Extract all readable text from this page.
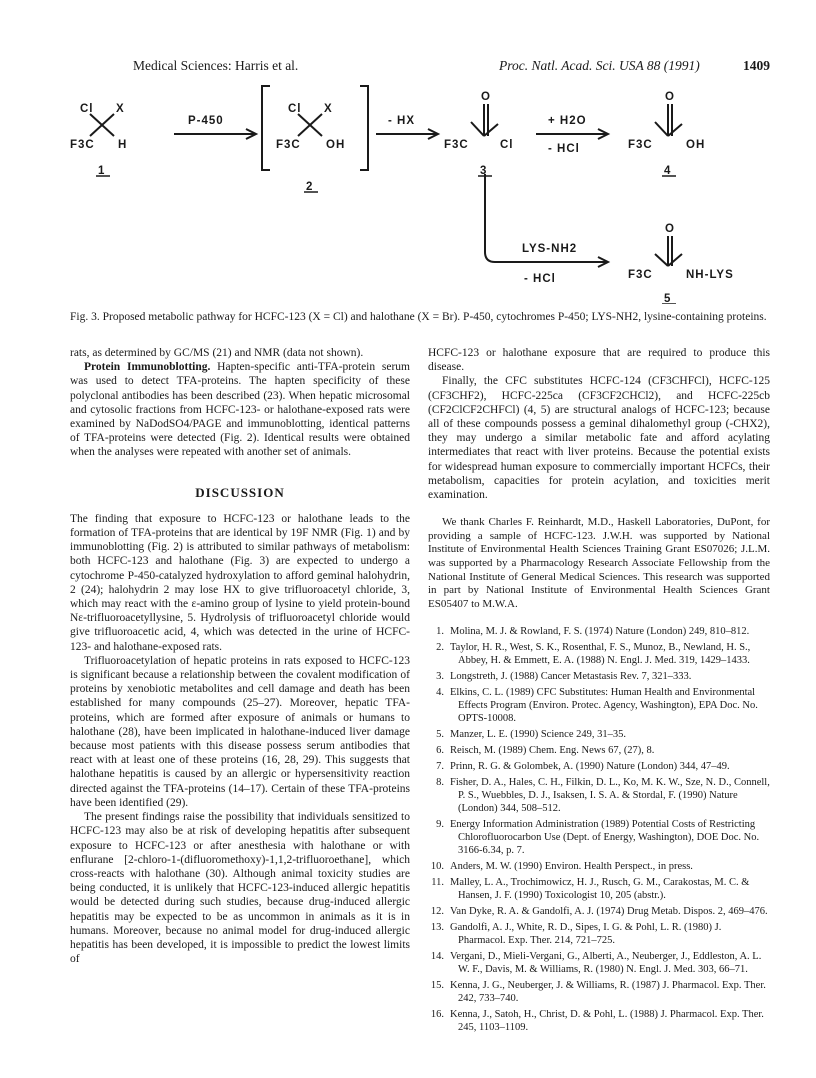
Medical Sciences: Harris et al.	Proc. Natl. Acad. Sci. USA 88 (1991)	1409
Cl X
F3C H
1
P-450
Cl X
F3C OH
2
- HX
O
F3C	Cl
3
+ H2O
- HCl
O
F3C	OH
4
LYS-NH2
- HCl
O
F3C	NH-LYS
5
Fig. 3. Proposed metabolic pathway for HCFC-123 (X = Cl) and halothane (X = Br). P-450, cytochromes P-450; LYS-NH2, lysine-containing proteins.

rats, as determined by GC/MS (21) and NMR (data not shown).

Protein Immunoblotting. Hapten-specific anti-TFA-protein serum was used to detect TFA-proteins. The hapten specificity of these polyclonal antibodies has been described (23). When hepatic microsomal and cytosolic fractions from HCFC-123- or halothane-exposed rats were examined by NaDodSO4/PAGE and immunoblotting, identical patterns of TFA-proteins were detected (Fig. 2). Identical results were obtained when the analyses were repeated with another set of animals.

DISCUSSION

The finding that exposure to HCFC-123 or halothane leads to the formation of TFA-proteins that are identical by 19F NMR (Fig. 1) and by immunoblotting (Fig. 2) is attributed to similar pathways of metabolism: both HCFC-123 and halothane (Fig. 3) are expected to undergo a cytochrome P-450-catalyzed hydroxylation to afford geminal halohydrin, 2 (24); halohydrin 2 may lose HX to give trifluoroacetyl chloride, 3, which may react with the ε-amino group of lysine to yield protein-bound Nε-trifluoroacetyllysine, 5. Hydrolysis of trifluoroacetyl chloride would give trifluoroacetic acid, 4, which was detected in the urine of HCFC-123- and halothane-exposed rats.

Trifluoroacetylation of hepatic proteins in rats exposed to HCFC-123 is significant because a relationship between the covalent modification of proteins by xenobiotic metabolites and cell damage and death has been established for many compounds (25–27). Moreover, hepatic TFA-proteins, which are formed after exposure of animals or humans to halothane (28), have been implicated in halothane-induced liver damage because most patients with this disease possess serum antibodies that react with at least one of these proteins (16, 28, 29). This suggests that halothane hepatitis is caused by an allergic or hypersensitivity reaction directed against the TFA-proteins (14–17). Certain of these TFA-proteins have been identified (29).

The present findings raise the possibility that individuals sensitized to HCFC-123 may also be at risk of developing hepatitis after subsequent exposure to HCFC-123 or after anesthesia with halothane or with enflurane [2-chloro-1-(difluoromethoxy)-1,1,2-trifluoroethane], which cross-reacts with halothane (30). Although animal toxicity studies are being conducted, it is unlikely that HCFC-123-induced allergic hepatitis would be detected during such studies, because drug-induced allergic hepatitis may be expected to be as uncommon in animals as it is in humans. Moreover, because no animal model for drug-induced allergic hepatitis has been developed, it is impossible to predict the lowest limits of

HCFC-123 or halothane exposure that are required to produce this disease.

Finally, the CFC substitutes HCFC-124 (CF3CHFCl), HCFC-125 (CF3CHF2), HCFC-225ca (CF3CF2CHCl2), and HCFC-225cb (CF2ClCF2CHFCl) (4, 5) are structural analogs of HCFC-123; because all of these compounds possess a geminal dihalomethyl group (-CHX2), they may undergo a similar metabolic fate and afford acylating intermediates that react with liver proteins. Because the potential exists for widespread human exposure to commercially important HCFCs, their metabolism, capacities for protein acylation, and toxicities merit examination.

We thank Charles F. Reinhardt, M.D., Haskell Laboratories, DuPont, for providing a sample of HCFC-123. J.W.H. was supported by National Institute of Environmental Health Sciences Training Grant ES07026; J.L.M. was supported by a Pharmacology Research Associate Fellowship from the National Institute of General Medical Sciences. This research was supported in part by National Institute of Environmental Health Sciences Grant ES05407 to M.W.A.

1. Molina, M. J. & Rowland, F. S. (1974) Nature (London) 249, 810–812.
2. Taylor, H. R., West, S. K., Rosenthal, F. S., Munoz, B., Newland, H. S., Abbey, H. & Emmett, E. A. (1988) N. Engl. J. Med. 319, 1429–1433.
3. Longstreth, J. (1988) Cancer Metastasis Rev. 7, 321–333.
4. Elkins, C. L. (1989) CFC Substitutes: Human Health and Environmental Effects Program (Environ. Protec. Agency, Washington), EPA Doc. No. OPTS-10008.
5. Manzer, L. E. (1990) Science 249, 31–35.
6. Reisch, M. (1989) Chem. Eng. News 67, (27), 8.
7. Prinn, R. G. & Golombek, A. (1990) Nature (London) 344, 47–49.
8. Fisher, D. A., Hales, C. H., Filkin, D. L., Ko, M. K. W., Sze, N. D., Connell, P. S., Wuebbles, D. J., Isaksen, I. S. A. & Stordal, F. (1990) Nature (London) 344, 508–512.
9. Energy Information Administration (1989) Potential Costs of Restricting Chlorofluorocarbon Use (Dept. of Energy, Washington), DOE Doc. No. 3166-6.34, p. 7.
10. Anders, M. W. (1990) Environ. Health Perspect., in press.
11. Malley, L. A., Trochimowicz, H. J., Rusch, G. M., Carakostas, M. C. & Hansen, J. F. (1990) Toxicologist 10, 205 (abstr.).
12. Van Dyke, R. A. & Gandolfi, A. J. (1974) Drug Metab. Dispos. 2, 469–476.
13. Gandolfi, A. J., White, R. D., Sipes, I. G. & Pohl, L. R. (1980) J. Pharmacol. Exp. Ther. 214, 721–725.
14. Vergani, D., Mieli-Vergani, G., Alberti, A., Neuberger, J., Eddleston, A. L. W. F., Davis, M. & Williams, R. (1980) N. Engl. J. Med. 303, 66–71.
15. Kenna, J. G., Neuberger, J. & Williams, R. (1987) J. Pharmacol. Exp. Ther. 242, 733–740.
16. Kenna, J., Satoh, H., Christ, D. & Pohl, L. (1988) J. Pharmacol. Exp. Ther. 245, 1103–1109.
